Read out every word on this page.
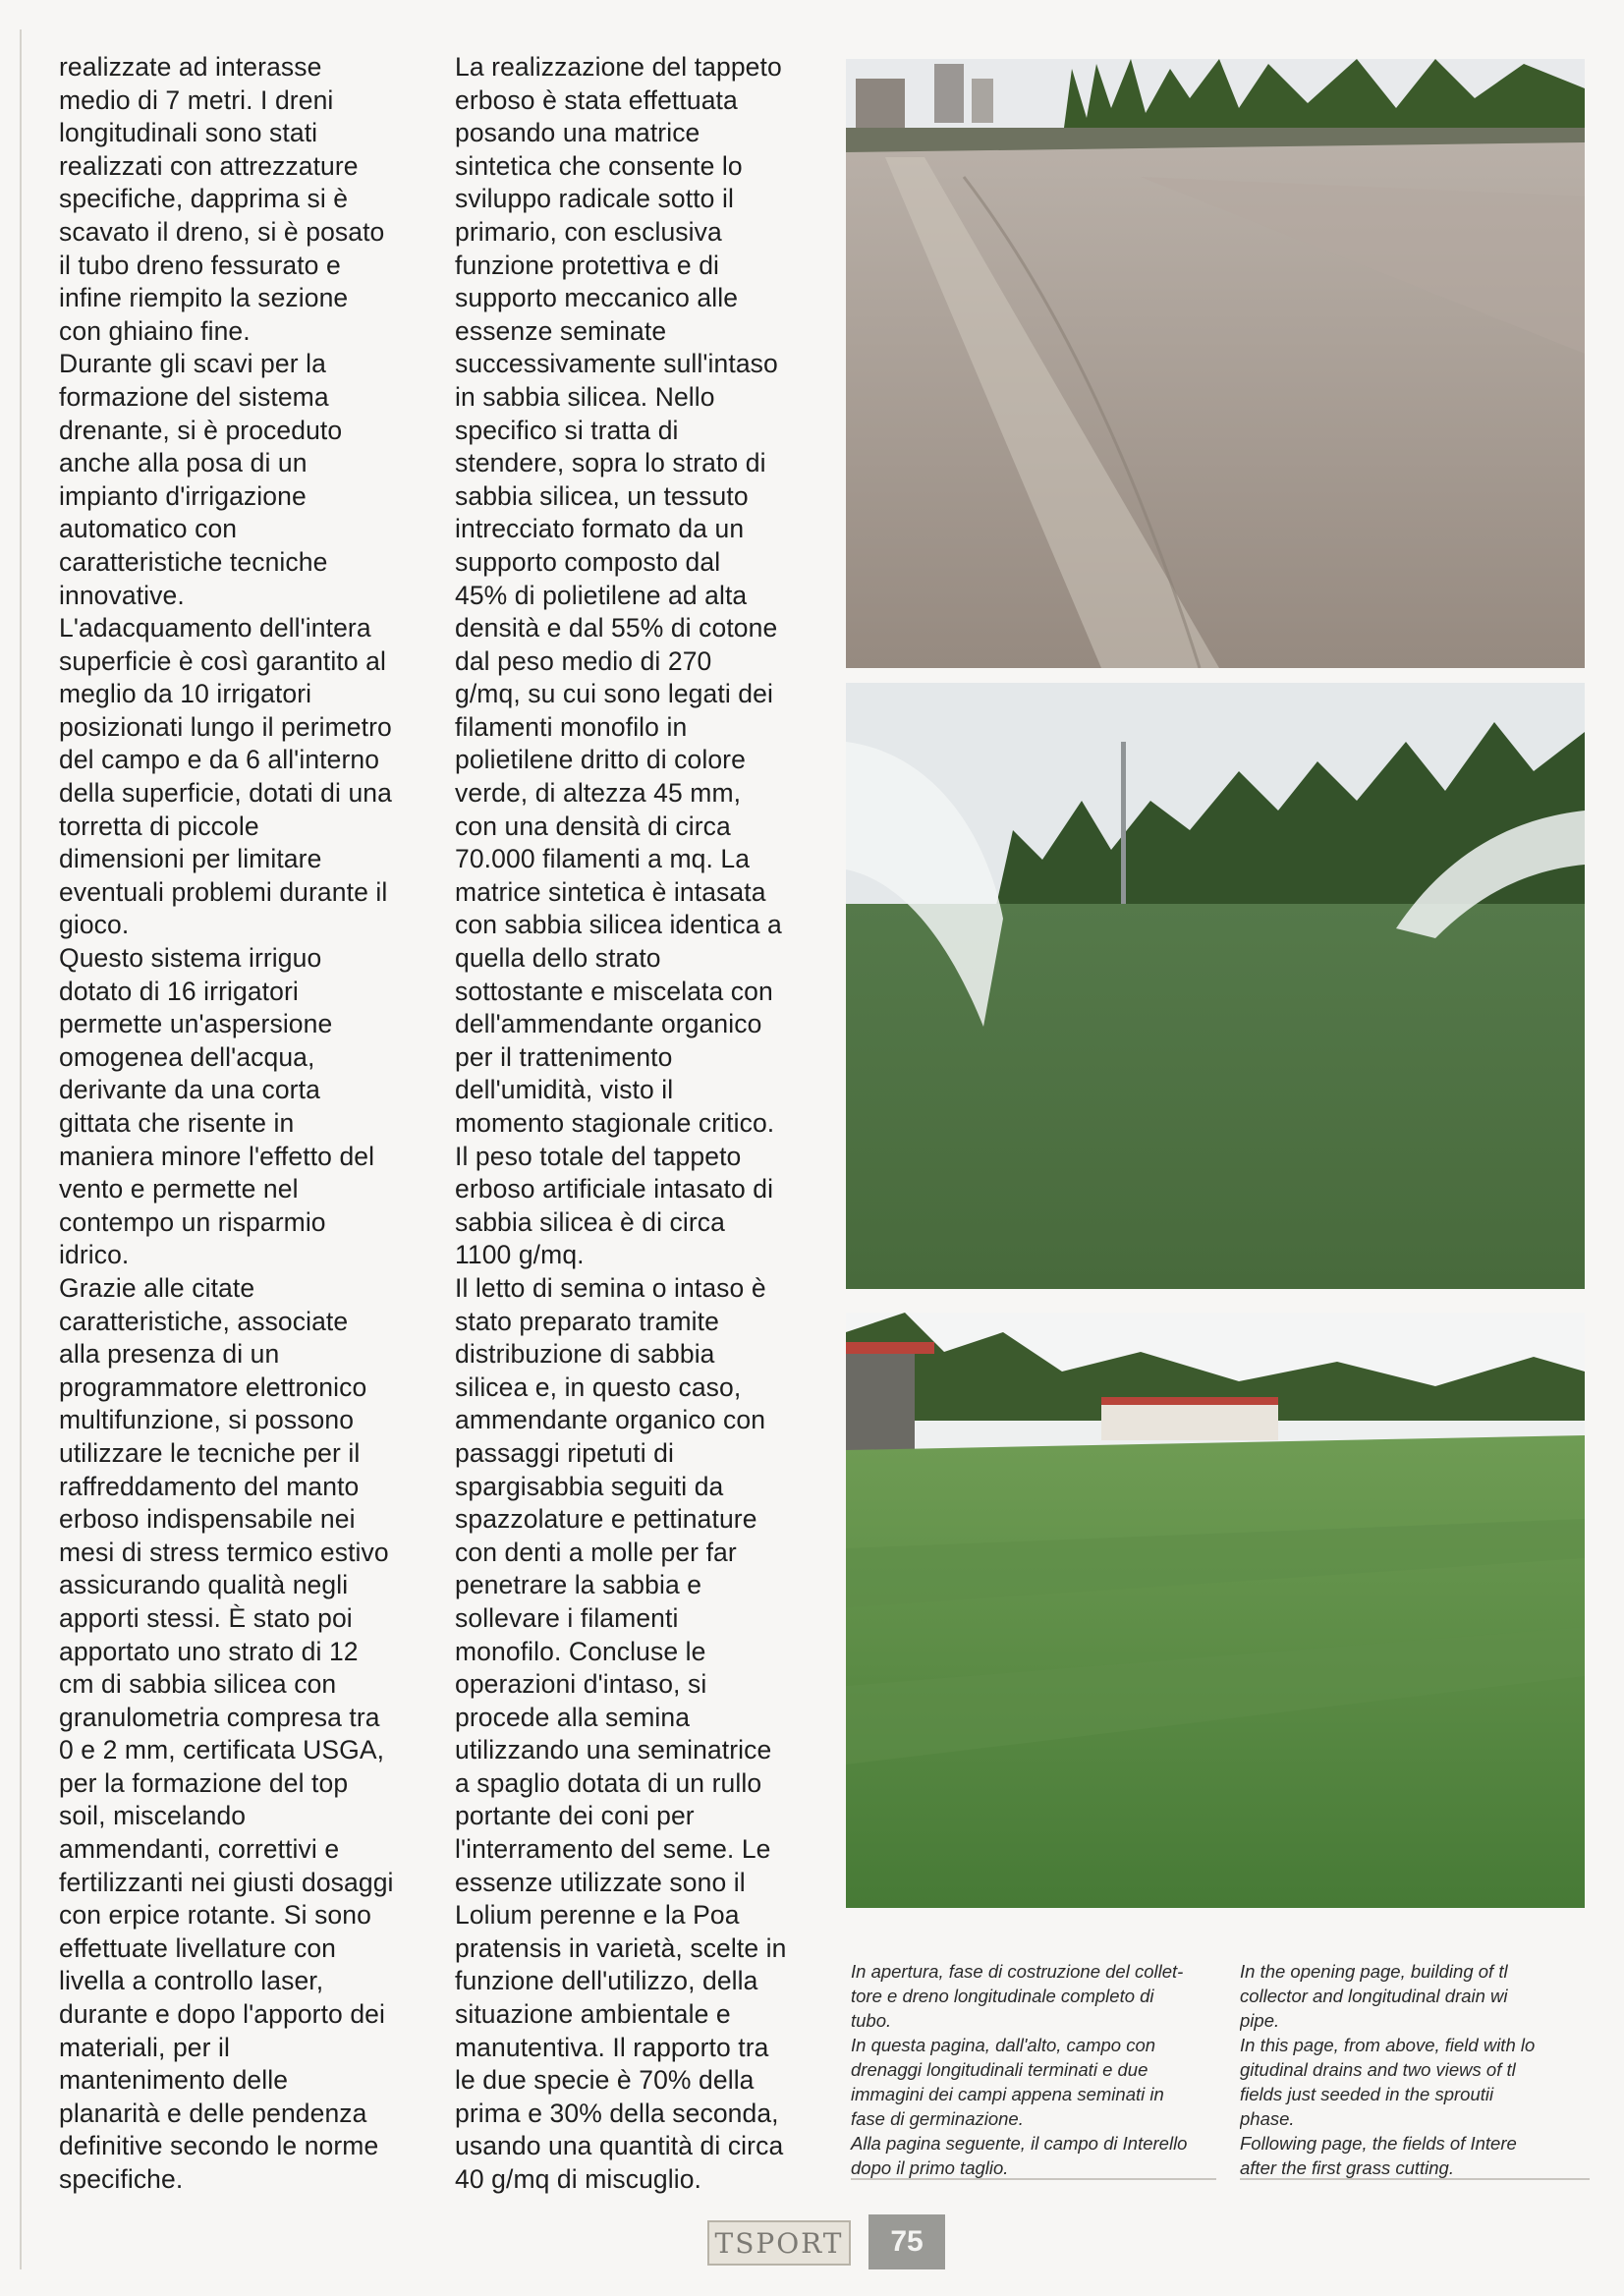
realizzate ad interasse
medio di 7 metri. I dreni
longitudinali sono stati
realizzati con attrezzature
specifiche, dapprima si è
scavato il dreno, si è posato
il tubo dreno fessurato e
infine riempito la sezione
con ghiaino fine.

Durante gli scavi per la
formazione del sistema
drenante, si è proceduto
anche alla posa di un
impianto d'irrigazione
automatico con
caratteristiche tecniche
innovative.

L'adacquamento dell'intera
superficie è così garantito al
meglio da 10 irrigatori
posizionati lungo il perimetro
del campo e da 6 all'interno
della superficie, dotati di una
torretta di piccole
dimensioni per limitare
eventuali problemi durante il
gioco.

Questo sistema irriguo
dotato di 16 irrigatori
permette un'aspersione
omogenea dell'acqua,
derivante da una corta
gittata che risente in
maniera minore l'effetto del
vento e permette nel
contempo un risparmio
idrico.

Grazie alle citate
caratteristiche, associate
alla presenza di un
programmatore elettronico
multifunzione, si possono
utilizzare le tecniche per il
raffreddamento del manto
erboso indispensabile nei
mesi di stress termico estivo
assicurando qualità negli
apporti stessi. È stato poi
apportato uno strato di 12
cm di sabbia silicea con
granulometria compresa tra
0 e 2 mm, certificata USGA,
per la formazione del top
soil, miscelando
ammendanti, correttivi e
fertilizzanti nei giusti dosaggi
con erpice rotante. Si sono
effettuate livellature con
livella a controllo laser,
durante e dopo l'apporto dei
materiali, per il
mantenimento delle
planarità e delle pendenza
definitive secondo le norme
specifiche.

La realizzazione del tappeto
erboso è stata effettuata
posando una matrice
sintetica che consente lo
sviluppo radicale sotto il
primario, con esclusiva
funzione protettiva e di
supporto meccanico alle
essenze seminate
successivamente sull'intaso
in sabbia silicea. Nello
specifico si tratta di
stendere, sopra lo strato di
sabbia silicea, un tessuto
intrecciato formato da un
supporto composto dal
45% di polietilene ad alta
densità e dal 55% di cotone
dal peso medio di 270
g/mq, su cui sono legati dei
filamenti monofilo in
polietilene dritto di colore
verde, di altezza 45 mm,
con una densità di circa
70.000 filamenti a mq. La
matrice sintetica è intasata
con sabbia silicea identica a
quella dello strato
sottostante e miscelata con
dell'ammendante organico
per il trattenimento
dell'umidità, visto il
momento stagionale critico.

Il peso totale del tappeto
erboso artificiale intasato di
sabbia silicea è di circa
1100 g/mq.

Il letto di semina o intaso è
stato preparato tramite
distribuzione di sabbia
silicea e, in questo caso,
ammendante organico con
passaggi ripetuti di
spargisabbia seguiti da
spazzolature e pettinature
con denti a molle per far
penetrare la sabbia e
sollevare i filamenti
monofilo. Concluse le
operazioni d'intaso, si
procede alla semina
utilizzando una seminatrice
a spaglio dotata di un rullo
portante dei coni per
l'interramento del seme. Le
essenze utilizzate sono il
Lolium perenne e la Poa
pratensis in varietà, scelte in
funzione dell'utilizzo, della
situazione ambientale e
manutentiva. Il rapporto tra
le due specie è 70% della
prima e 30% della seconda,
usando una quantità di circa
40 g/mq di miscuglio.

In apertura, fase di costruzione del collet-
tore e dreno longitudinale completo di
tubo.

In questa pagina, dall'alto, campo con
drenaggi longitudinali terminati e due
immagini dei campi appena seminati in
fase di germinazione.

Alla pagina seguente, il campo di Interello
dopo il primo taglio.

In the opening page, building of tl
collector and longitudinal drain wi
pipe.

In this page, from above, field with lo
gitudinal drains and two views of tl
fields just seeded in the sproutii
phase.

Following page, the fields of Intere
after the first grass cutting.

TSPORT	75
